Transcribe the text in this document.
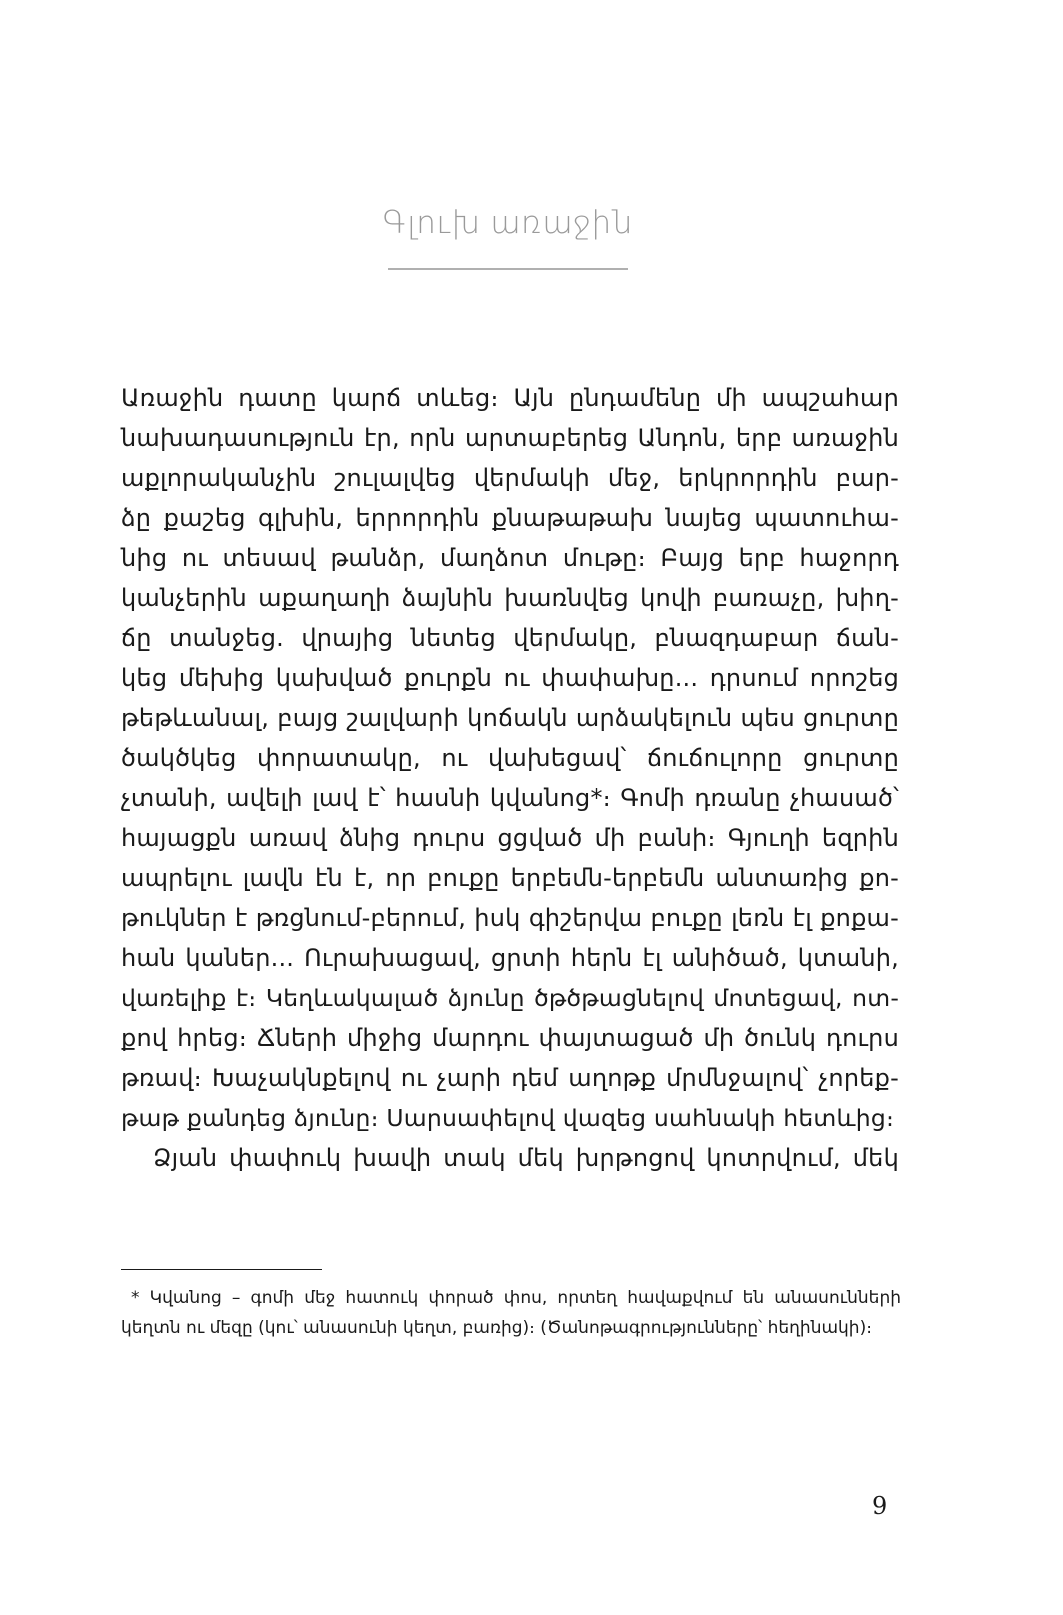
Գլուխ առաջին
Առաջին դատը կարճ տևեց։ Այն ընդամենը մի ապշահար
նախադասություն էր, որն արտաբերեց Անդոն, երբ առաջին
աքլորականչին շուլալվեց վերմակի մեջ, երկրորդին բար-
ձը քաշեց գլխին, երրորդին քնաթաթախ նայեց պատուհա-
նից ու տեսավ թանձր, մաղձոտ մութը։ Բայց երբ հաջորդ
կանչերին աքաղաղի ձայնին խառնվեց կովի բառաչը, խիղ-
ճը տանջեց. վրայից նետեց վերմակը, բնազդաբար ճան-
կեց մեխից կախված քուրքն ու փափախը... դրսում որոշեց
թեթևանալ, բայց շալվարի կոճակն արձակելուն պես ցուրտը
ծակծկեց փորատակը, ու վախեցավ՝ ճուճուլորը ցուրտը
չտանի, ավելի լավ է՝ հասնի կվանոց*։ Գոմի դռանը չհասած՝
հայացքն առավ ձնից դուրս ցցված մի բանի։ Գյուղի եզրին
ապրելու լավն էն է, որ բուքը երբեմն-երբեմն անտառից քո-
թուկներ է թռցնում-բերում, իսկ գիշերվա բուքը լեռն էլ քոքա-
հան կաներ... Ուրախացավ, ցրտի հերն էլ անիծած, կտանի,
վառելիք է։ Կեղևակալած ձյունը ծթծթացնելով մոտեցավ, ոտ-
քով հրեց։ Ճների միջից մարդու փայտացած մի ծունկ դուրս
թռավ։ Խաչակնքելով ու չարի դեմ աղոթք մրմնջալով՝ չորեք-
թաթ քանդեց ձյունը։ Սարսափելով վազեց սահնակի հետևից։
Ձյան փափուկ խավի տակ մեկ խրթոցով կոտրվում, մեկ
* Կվանոց – գոմի մեջ հատուկ փորած փոս, որտեղ հավաքվում են անասունների
կեղտն ու մեզը (կու՝ անասունի կեղտ, բառից)։ (Ծանոթագրությունները՝ հեղինակի)։
9
